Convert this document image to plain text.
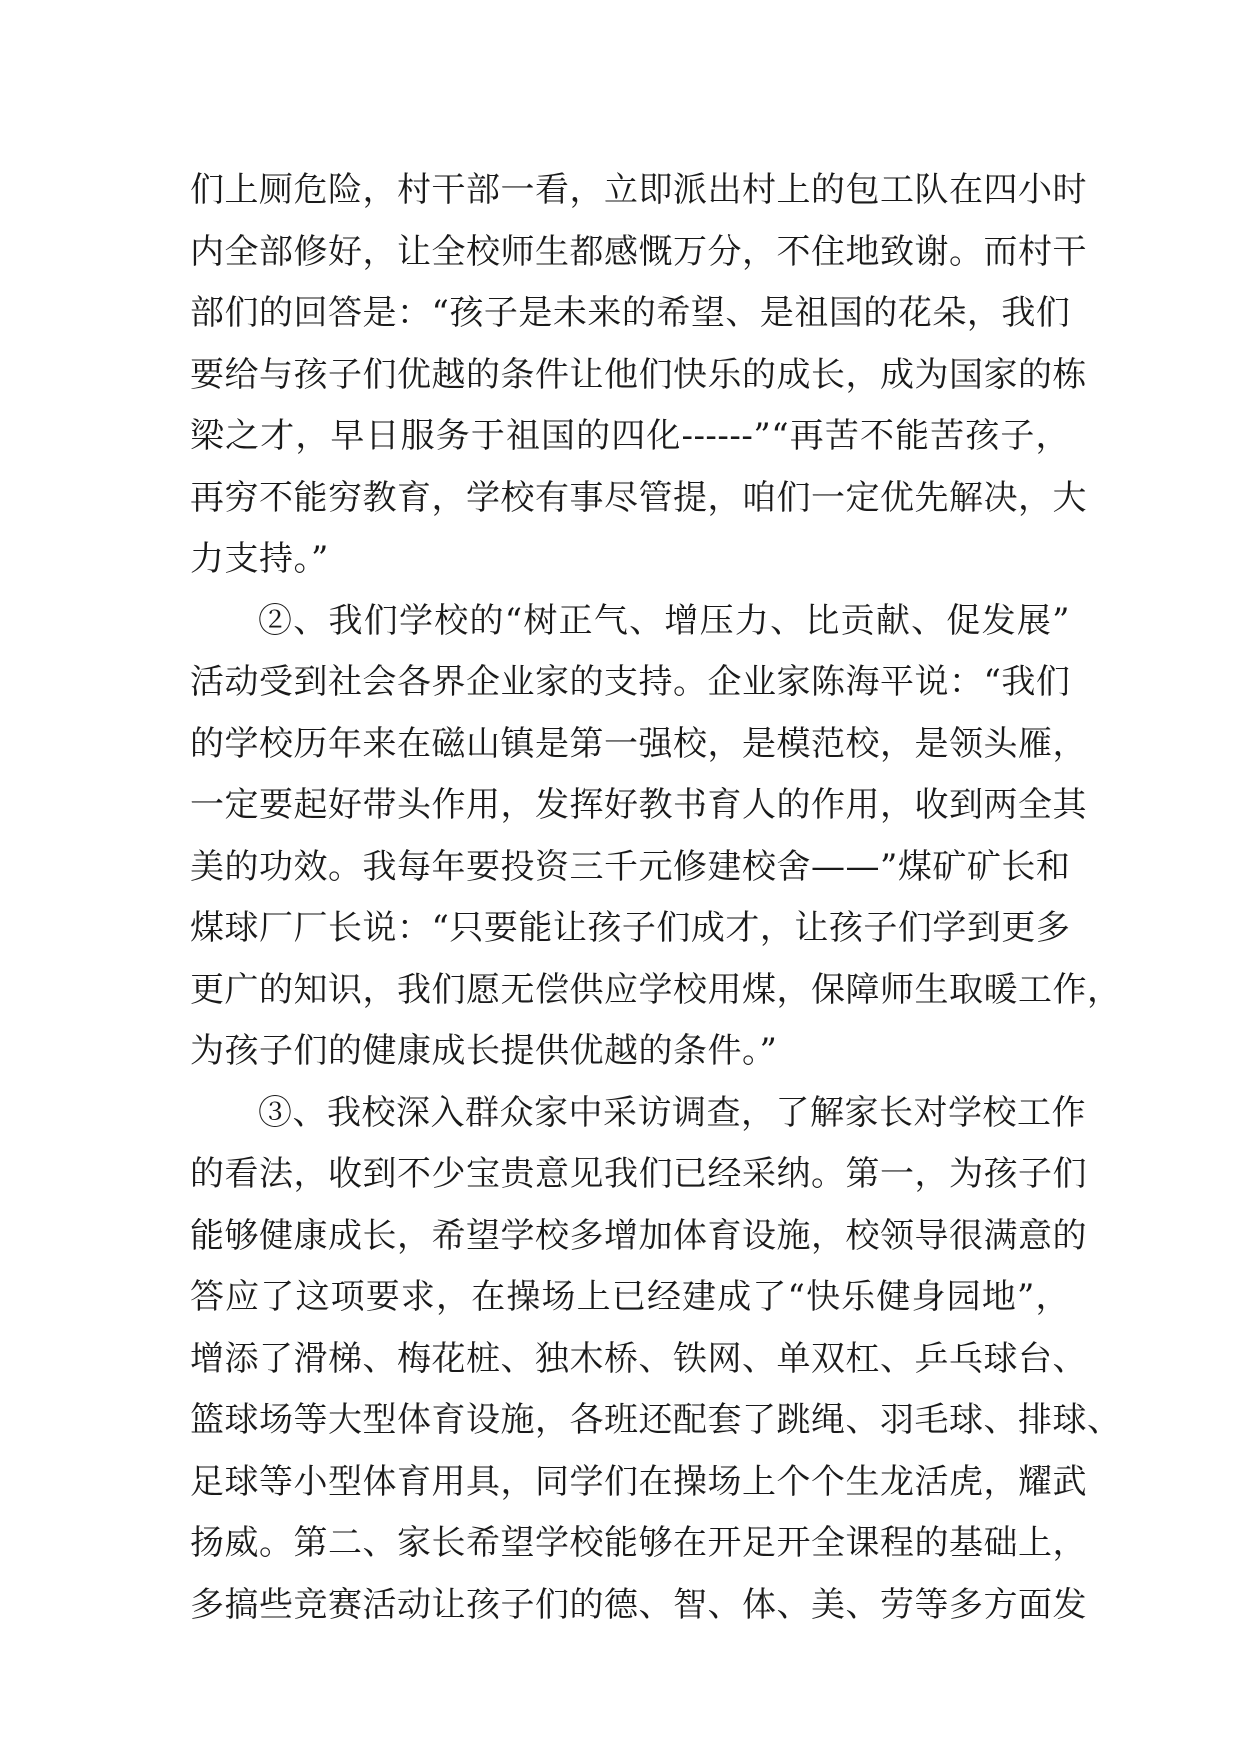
们上厕危险，村干部一看，立即派出村上的包工队在四小时
内全部修好，让全校师生都感慨万分，不住地致谢。而村干
部们的回答是：“孩子是未来的希望、是祖国的花朵，我们
要给与孩子们优越的条件让他们快乐的成长，成为国家的栋
梁之才，早日服务于祖国的四化------”“再苦不能苦孩子，
再穷不能穷教育，学校有事尽管提，咱们一定优先解决，大
力支持。”
②、我们学校的“树正气、增压力、比贡献、促发展”
活动受到社会各界企业家的支持。企业家陈海平说：“我们
的学校历年来在磁山镇是第一强校，是模范校，是领头雁，
一定要起好带头作用，发挥好教书育人的作用，收到两全其
美的功效。我每年要投资三千元修建校舍——”煤矿矿长和
煤球厂厂长说：“只要能让孩子们成才，让孩子们学到更多
更广的知识，我们愿无偿供应学校用煤，保障师生取暖工作，
为孩子们的健康成长提供优越的条件。”
③、我校深入群众家中采访调查，了解家长对学校工作
的看法，收到不少宝贵意见我们已经采纳。第一，为孩子们
能够健康成长，希望学校多增加体育设施，校领导很满意的
答应了这项要求，在操场上已经建成了“快乐健身园地”，
增添了滑梯、梅花桩、独木桥、铁网、单双杠、乒乓球台、
篮球场等大型体育设施，各班还配套了跳绳、羽毛球、排球、
足球等小型体育用具，同学们在操场上个个生龙活虎，耀武
扬威。第二、家长希望学校能够在开足开全课程的基础上，
多搞些竞赛活动让孩子们的德、智、体、美、劳等多方面发
